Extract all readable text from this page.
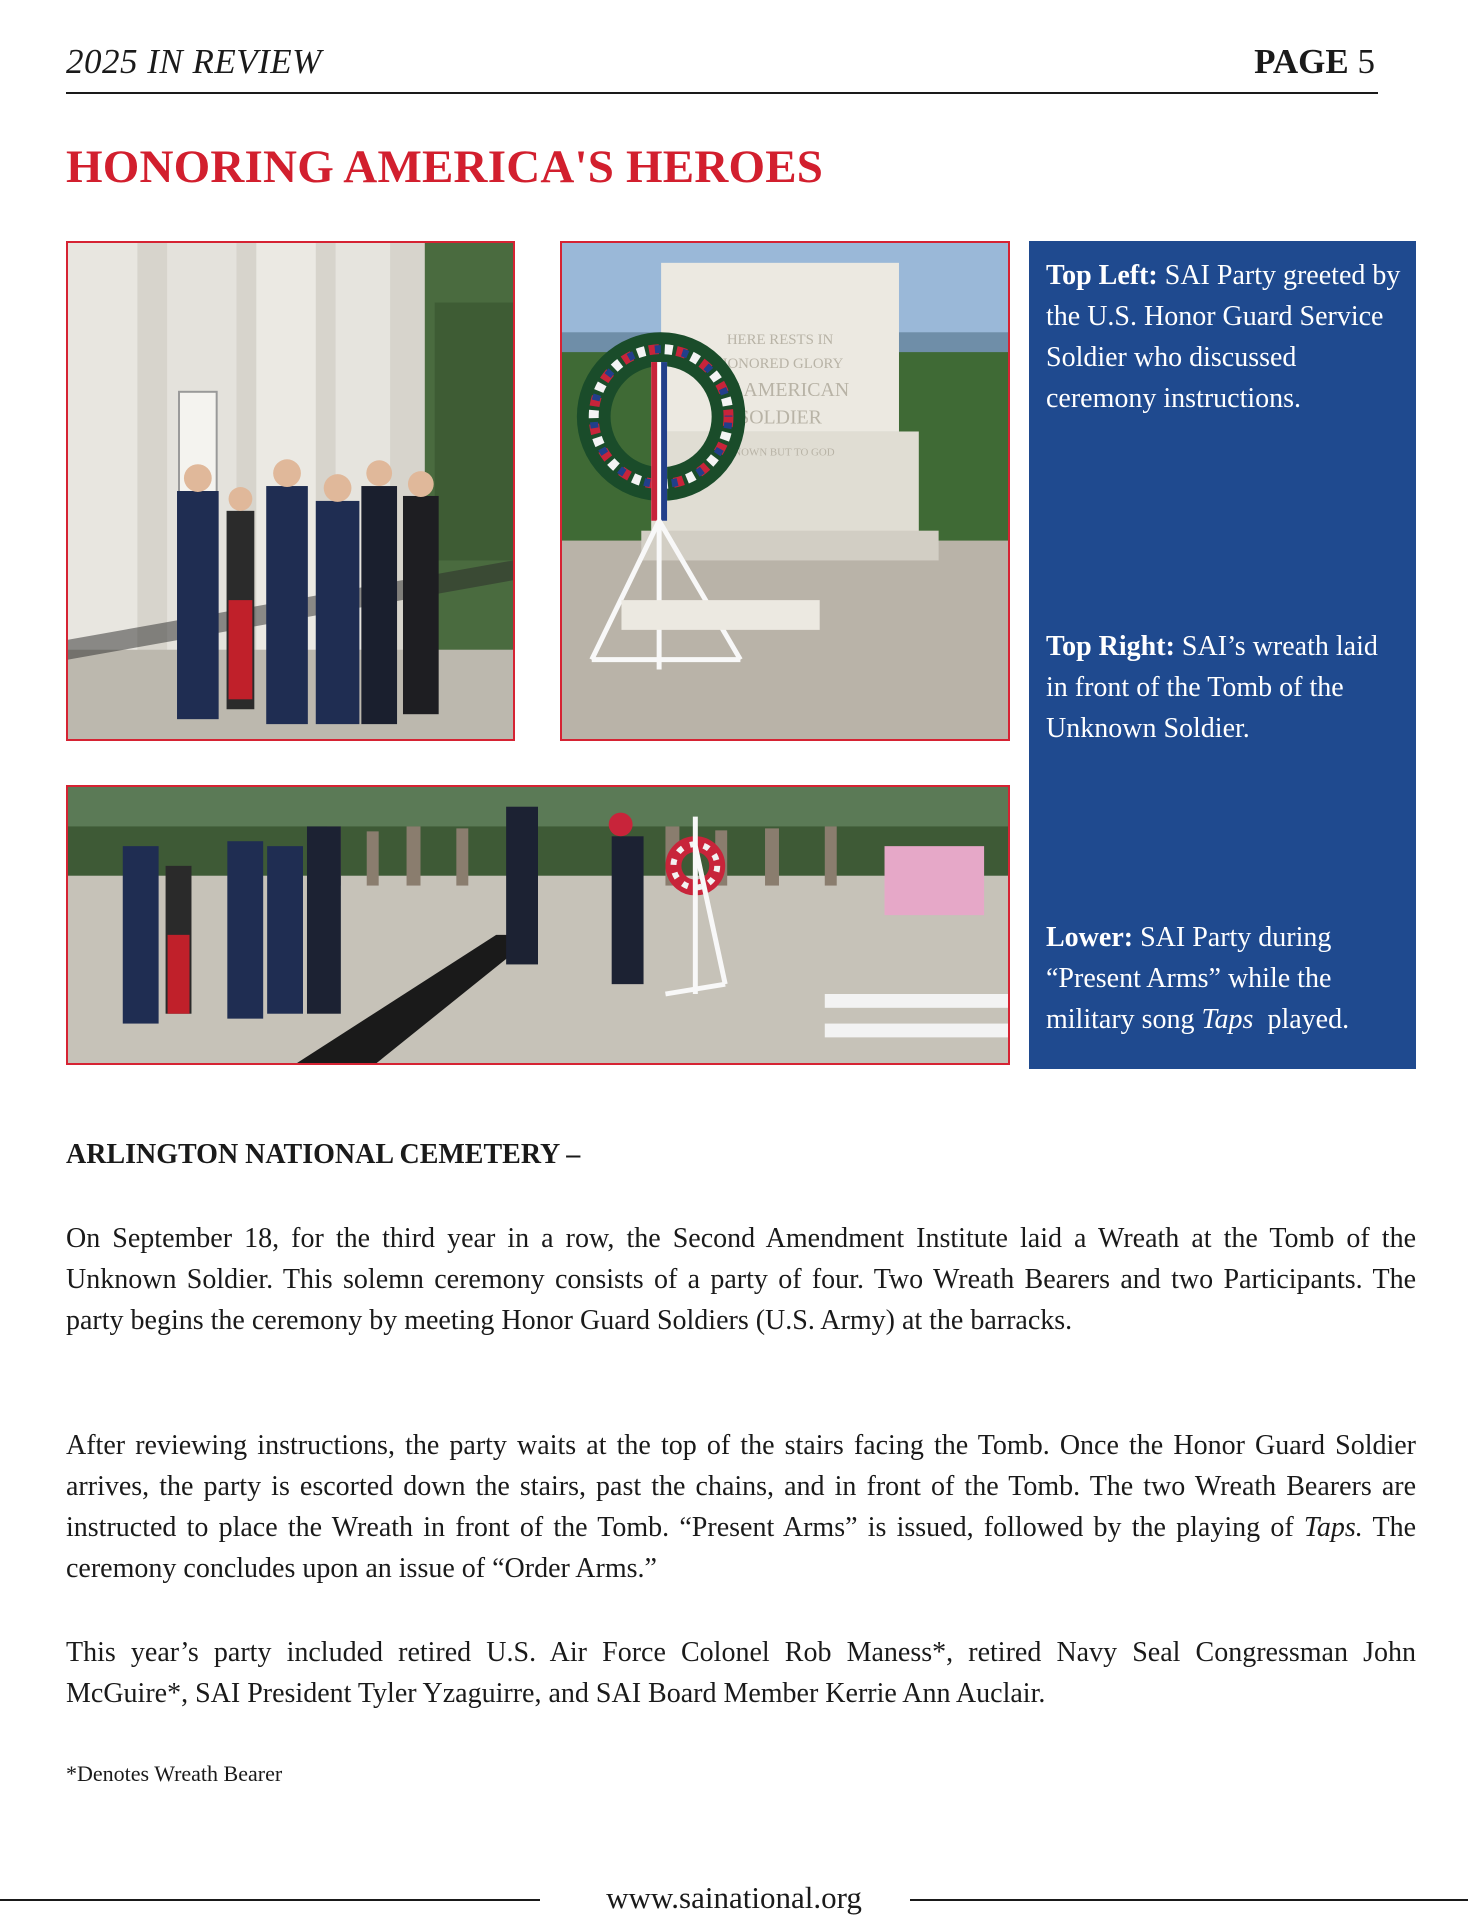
2025 IN REVIEW	PAGE 5
HONORING AMERICA'S HEROES
HERE RESTS IN
HONORED GLORY
AN AMERICAN
SOLDIER
KNOWN BUT TO GOD
Top Left: SAI Party greeted by the U.S. Honor Guard Service Soldier who discussed ceremony instructions.
Top Right: SAI’s wreath laid in front of the Tomb of the Unknown Soldier.
Lower: SAI Party during “Present Arms” while the military song Taps  played.
ARLINGTON NATIONAL CEMETERY –
On September 18, for the third year in a row, the Second Amendment Institute laid a Wreath at the Tomb of the Unknown Soldier. This solemn ceremony consists of a party of four. Two Wreath Bearers and two Participants. The party begins the ceremony by meeting Honor Guard Soldiers (U.S. Army) at the barracks.
After reviewing instructions, the party waits at the top of the stairs facing the Tomb. Once the Honor Guard Soldier arrives, the party is escorted down the stairs, past the chains, and in front of the Tomb. The two Wreath Bearers are instructed to place the Wreath in front of the Tomb. “Present Arms” is issued, followed by the playing of Taps. The ceremony concludes upon an issue of “Order Arms.”
This year’s party included retired U.S. Air Force Colonel Rob Maness*, retired Navy Seal Congressman John McGuire*, SAI President Tyler Yzaguirre, and SAI Board Member Kerrie Ann Auclair.
*Denotes Wreath Bearer
www.sainational.org
